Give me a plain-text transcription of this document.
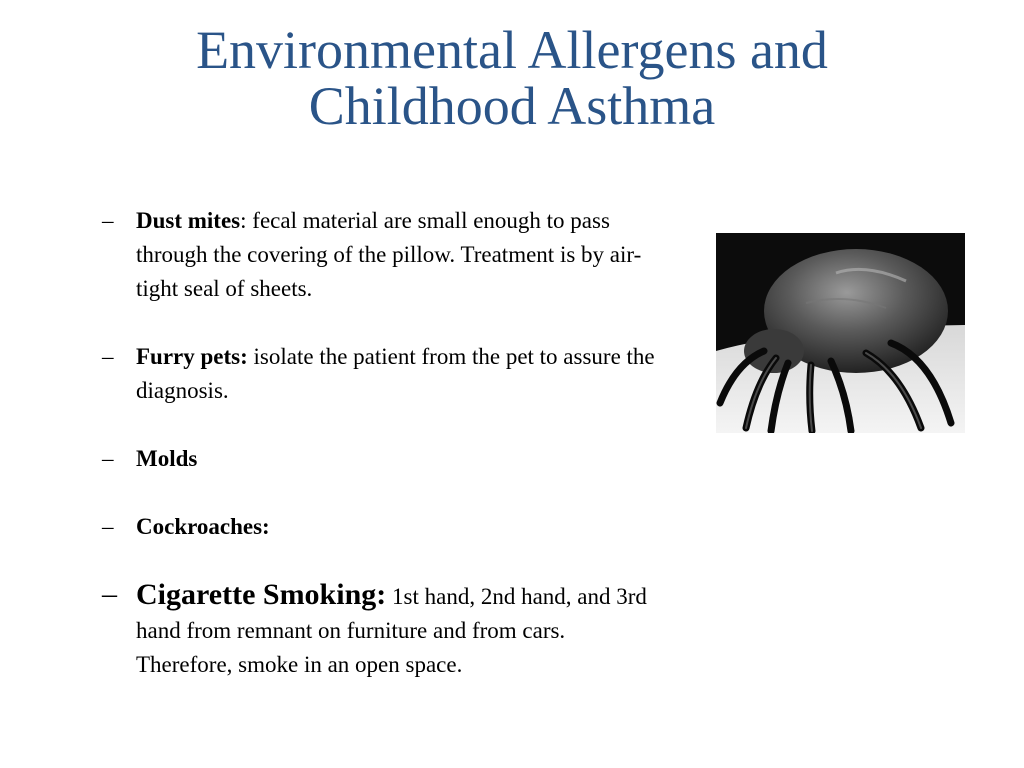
Environmental Allergens and
Childhood Asthma
– Dust mites: fecal material are small enough to pass through the covering of the pillow. Treatment is by air-tight seal of sheets.
– Furry pets: isolate the patient from the pet to assure the diagnosis.
– Molds
– Cockroaches:
– Cigarette Smoking: 1st hand, 2nd hand, and 3rd hand from remnant on furniture and from cars. Therefore, smoke in an open space.
